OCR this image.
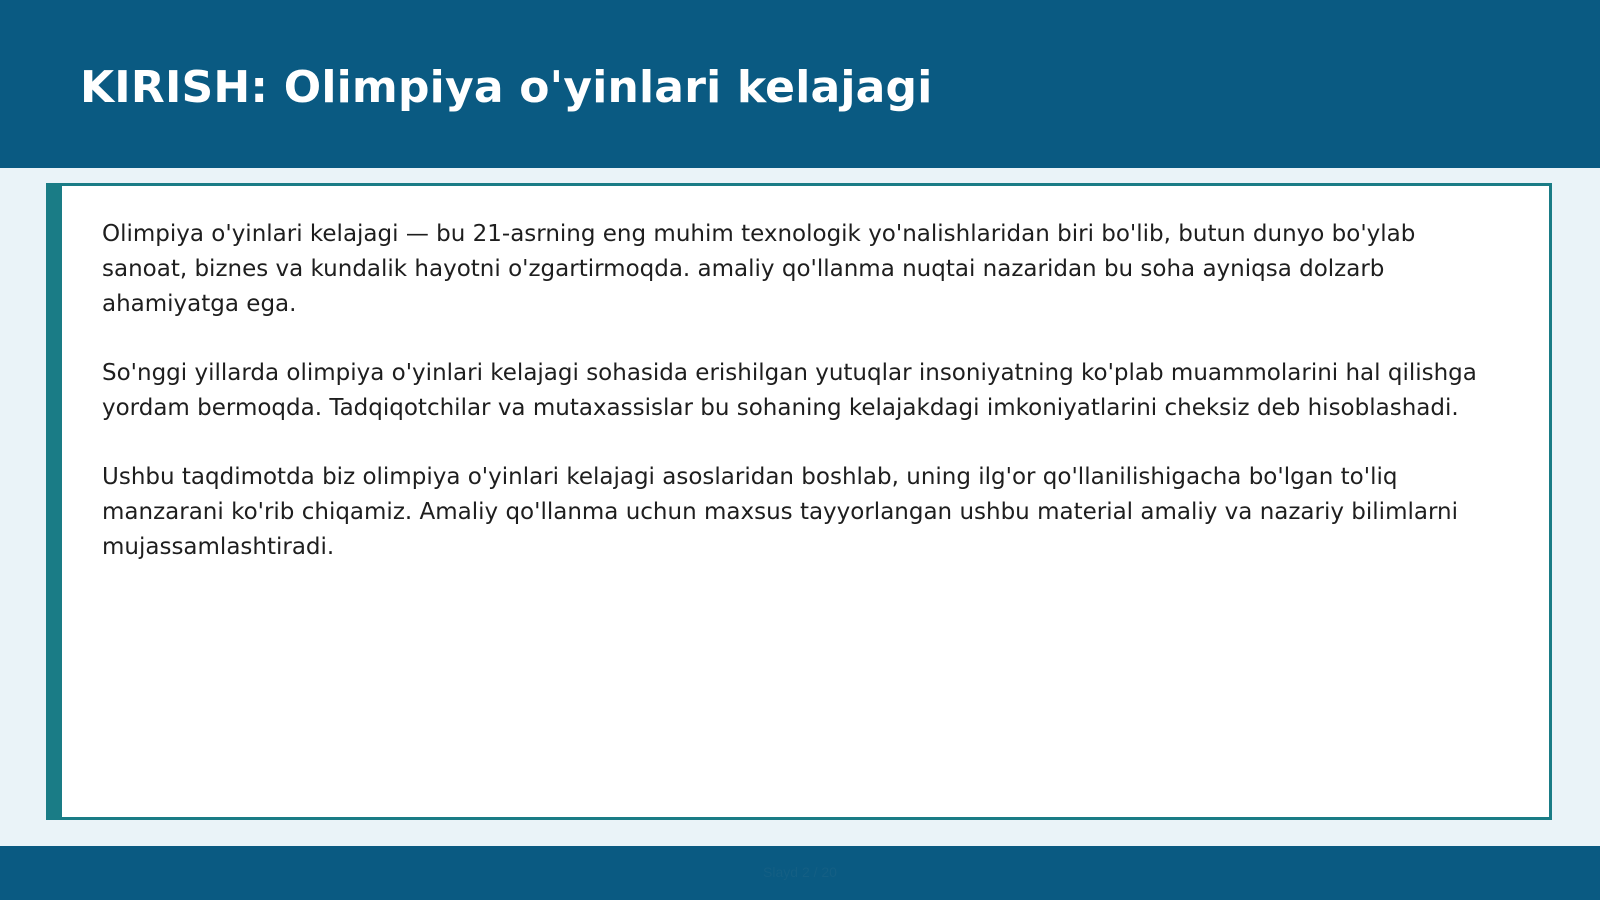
KIRISH: Olimpiya o'yinlari kelajagi

Olimpiya o'yinlari kelajagi — bu 21-asrning eng muhim texnologik yo'nalishlaridan biri bo'lib, butun dunyo bo'ylab sanoat, biznes va kundalik hayotni o'zgartirmoqda. amaliy qo'llanma nuqtai nazaridan bu soha ayniqsa dolzarb ahamiyatga ega.

So'nggi yillarda olimpiya o'yinlari kelajagi sohasida erishilgan yutuqlar insoniyatning ko'plab muammolarini hal qilishga yordam bermoqda. Tadqiqotchilar va mutaxassislar bu sohaning kelajakdagi imkoniyatlarini cheksiz deb hisoblashadi.

Ushbu taqdimotda biz olimpiya o'yinlari kelajagi asoslaridan boshlab, uning ilg'or qo'llanilishigacha bo'lgan to'liq manzarani ko'rib chiqamiz. Amaliy qo'llanma uchun maxsus tayyorlangan ushbu material amaliy va nazariy bilimlarni mujassamlashtiradi.

Slayd 2 / 20
